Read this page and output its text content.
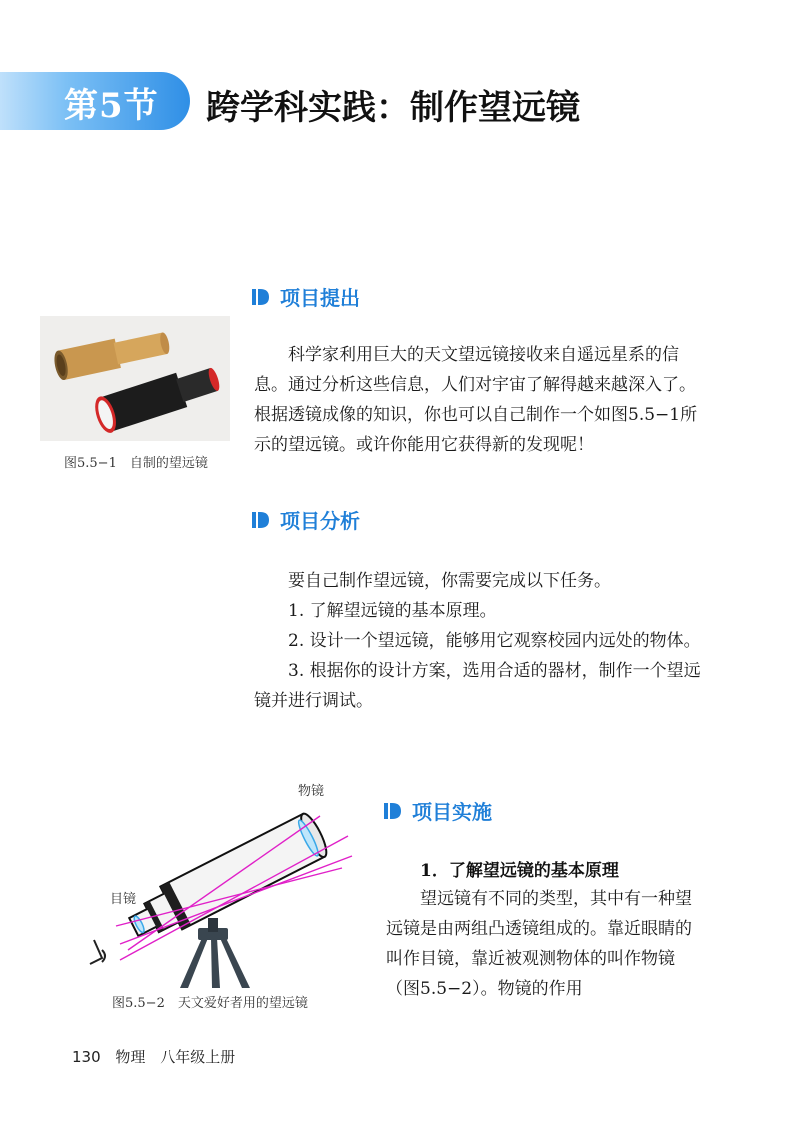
第5节 跨学科实践：制作望远镜
项目提出
图5.5−1　自制的望远镜
科学家利用巨大的天文望远镜接收来自遥远星系的信息。通过分析这些信息，人们对宇宙了解得越来越深入了。根据透镜成像的知识，你也可以自己制作一个如图5.5−1所示的望远镜。或许你能用它获得新的发现呢！
项目分析

要自己制作望远镜，你需要完成以下任务。

1. 了解望远镜的基本原理。

2. 设计一个望远镜，能够用它观察校园内远处的物体。

3. 根据你的设计方案，选用合适的器材，制作一个望远镜并进行调试。

物镜
目镜
图5.5−2　天文爱好者用的望远镜
项目实施
1．了解望远镜的基本原理
望远镜有不同的类型，其中有一种望远镜是由两组凸透镜组成的。靠近眼睛的叫作目镜，靠近被观测物体的叫作物镜（图5.5−2）。物镜的作用
130 物理 八年级上册
